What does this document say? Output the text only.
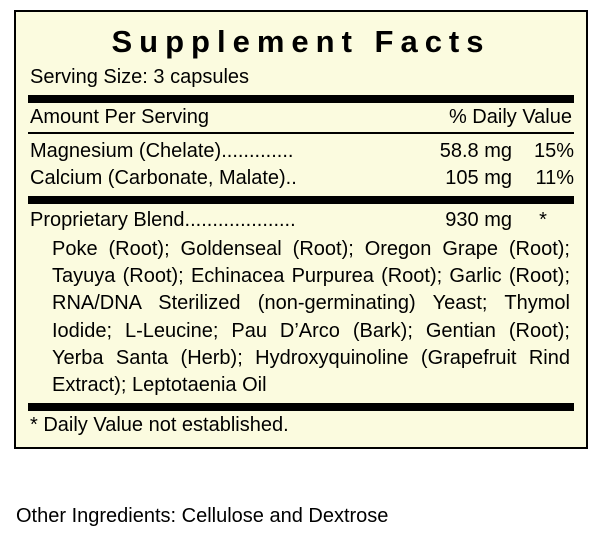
Supplement Facts
Serving Size: 3 capsules
Amount Per Serving	% Daily Value
Magnesium (Chelate) .............	58.8 mg	15%
Calcium (Carbonate, Malate) ..	105 mg	11%
Proprietary Blend ....................	930 mg	*
Poke (Root); Goldenseal (Root); Oregon Grape (Root); Tayuya (Root); Echinacea Purpurea (Root); Garlic (Root); RNA/DNA Sterilized (non-germinating) Yeast; Thymol Iodide; L-Leucine; Pau D’Arco (Bark); Gentian (Root); Yerba Santa (Herb); Hydroxyquinoline (Grapefruit Rind Extract); Leptotaenia Oil
* Daily Value not established.
Other Ingredients: Cellulose and Dextrose
